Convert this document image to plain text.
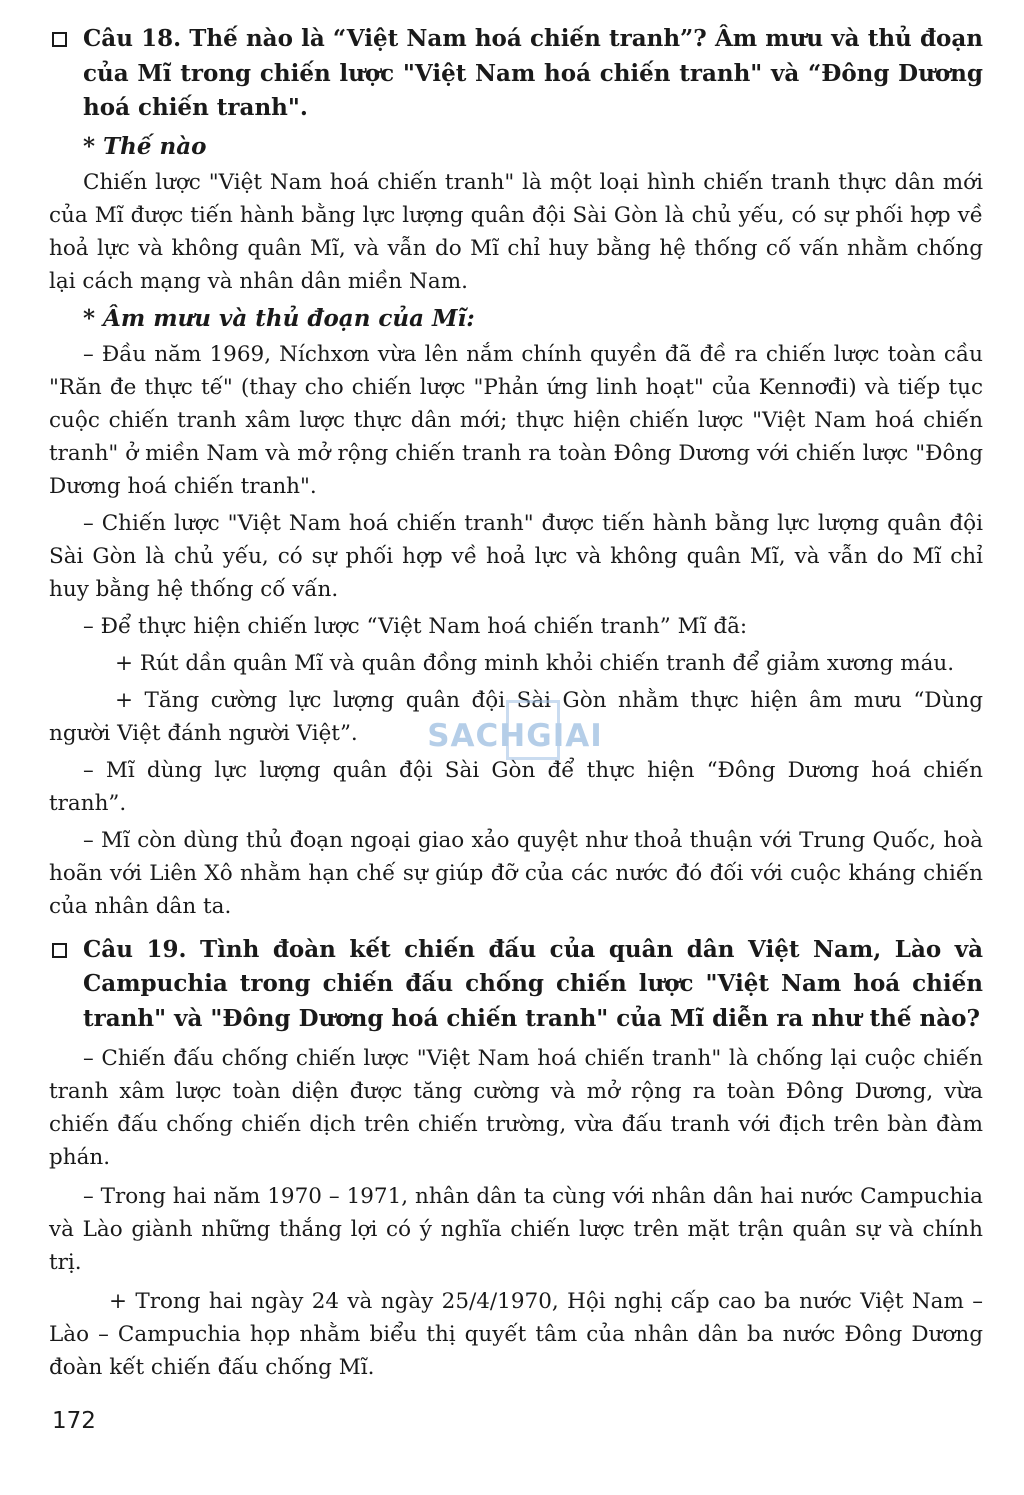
Câu 18. Thế nào là “Việt Nam hoá chiến tranh”? Âm mưu và thủ đoạn của Mĩ trong chiến lược "Việt Nam hoá chiến tranh" và “Đông Dương hoá chiến tranh".
* Thế nào

Chiến lược "Việt Nam hoá chiến tranh" là một loại hình chiến tranh thực dân mới của Mĩ được tiến hành bằng lực lượng quân đội Sài Gòn là chủ yếu, có sự phối hợp về hoả lực và không quân Mĩ, và vẫn do Mĩ chỉ huy bằng hệ thống cố vấn nhằm chống lại cách mạng và nhân dân miền Nam.

* Âm mưu và thủ đoạn của Mĩ:

– Đầu năm 1969, Níchxơn vừa lên nắm chính quyền đã đề ra chiến lược toàn cầu "Răn đe thực tế" (thay cho chiến lược "Phản ứng linh hoạt" của Kennơđi) và tiếp tục cuộc chiến tranh xâm lược thực dân mới; thực hiện chiến lược "Việt Nam hoá chiến tranh" ở miền Nam và mở rộng chiến tranh ra toàn Đông Dương với chiến lược "Đông Dương hoá chiến tranh".

– Chiến lược "Việt Nam hoá chiến tranh" được tiến hành bằng lực lượng quân đội Sài Gòn là chủ yếu, có sự phối hợp về hoả lực và không quân Mĩ, và vẫn do Mĩ chỉ huy bằng hệ thống cố vấn.

– Để thực hiện chiến lược “Việt Nam hoá chiến tranh” Mĩ đã:

+ Rút dần quân Mĩ và quân đồng minh khỏi chiến tranh để giảm xương máu.

+ Tăng cường lực lượng quân đội Sài Gòn nhằm thực hiện âm mưu “Dùng người Việt đánh người Việt”.

– Mĩ dùng lực lượng quân đội Sài Gòn để thực hiện “Đông Dương hoá chiến tranh”.

– Mĩ còn dùng thủ đoạn ngoại giao xảo quyệt như thoả thuận với Trung Quốc, hoà hoãn với Liên Xô nhằm hạn chế sự giúp đỡ của các nước đó đối với cuộc kháng chiến của nhân dân ta.

Câu 19. Tình đoàn kết chiến đấu của quân dân Việt Nam, Lào và Campuchia trong chiến đấu chống chiến lược "Việt Nam hoá chiến tranh" và "Đông Dương hoá chiến tranh" của Mĩ diễn ra như thế nào?

– Chiến đấu chống chiến lược "Việt Nam hoá chiến tranh" là chống lại cuộc chiến tranh xâm lược toàn diện được tăng cường và mở rộng ra toàn Đông Dương, vừa chiến đấu chống chiến dịch trên chiến trường, vừa đấu tranh với địch trên bàn đàm phán.

– Trong hai năm 1970 – 1971, nhân dân ta cùng với nhân dân hai nước Campuchia và Lào giành những thắng lợi có ý nghĩa chiến lược trên mặt trận quân sự và chính trị.

+ Trong hai ngày 24 và ngày 25/4/1970, Hội nghị cấp cao ba nước Việt Nam – Lào – Campuchia họp nhằm biểu thị quyết tâm của nhân dân ba nước Đông Dương đoàn kết chiến đấu chống Mĩ.

SACHGIAI
172
